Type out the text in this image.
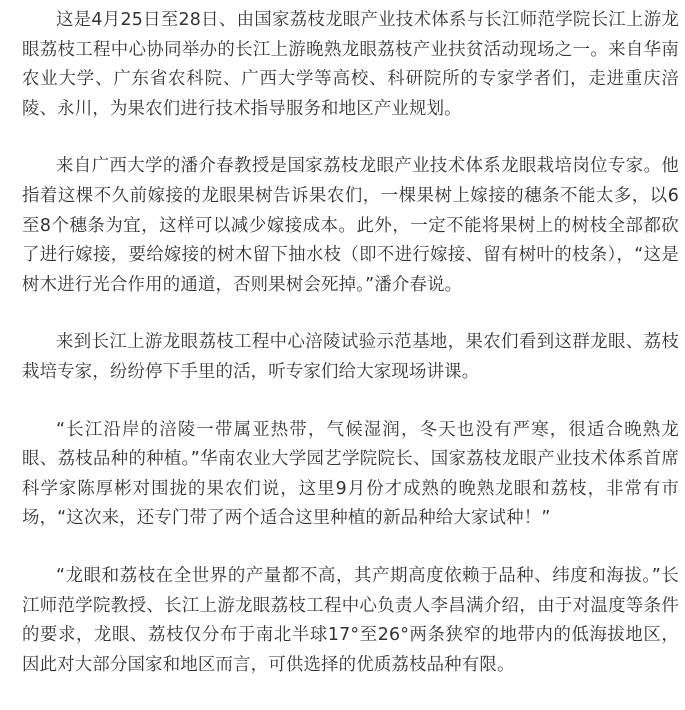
这是4月25日至28日、由国家荔枝龙眼产业技术体系与长江师范学院长江上游龙眼荔枝工程中心协同举办的长江上游晚熟龙眼荔枝产业扶贫活动现场之一。来自华南农业大学、广东省农科院、广西大学等高校、科研院所的专家学者们，走进重庆涪陵、永川，为果农们进行技术指导服务和地区产业规划。

来自广西大学的潘介春教授是国家荔枝龙眼产业技术体系龙眼栽培岗位专家。他指着这棵不久前嫁接的龙眼果树告诉果农们，一棵果树上嫁接的穗条不能太多，以6至8个穗条为宜，这样可以减少嫁接成本。此外，一定不能将果树上的树枝全部都砍了进行嫁接，要给嫁接的树木留下抽水枝（即不进行嫁接、留有树叶的枝条），“这是树木进行光合作用的通道，否则果树会死掉。”潘介春说。

来到长江上游龙眼荔枝工程中心涪陵试验示范基地，果农们看到这群龙眼、荔枝栽培专家，纷纷停下手里的活，听专家们给大家现场讲课。

“长江沿岸的涪陵一带属亚热带，气候湿润，冬天也没有严寒，很适合晚熟龙眼、荔枝品种的种植。”华南农业大学园艺学院院长、国家荔枝龙眼产业技术体系首席科学家陈厚彬对围拢的果农们说，这里9月份才成熟的晚熟龙眼和荔枝，非常有市场，“这次来，还专门带了两个适合这里种植的新品种给大家试种！”

“龙眼和荔枝在全世界的产量都不高，其产期高度依赖于品种、纬度和海拔。”长江师范学院教授、长江上游龙眼荔枝工程中心负责人李昌满介绍，由于对温度等条件的要求，龙眼、荔枝仅分布于南北半球17°至26°两条狭窄的地带内的低海拔地区，因此对大部分国家和地区而言，可供选择的优质荔枝品种有限。
